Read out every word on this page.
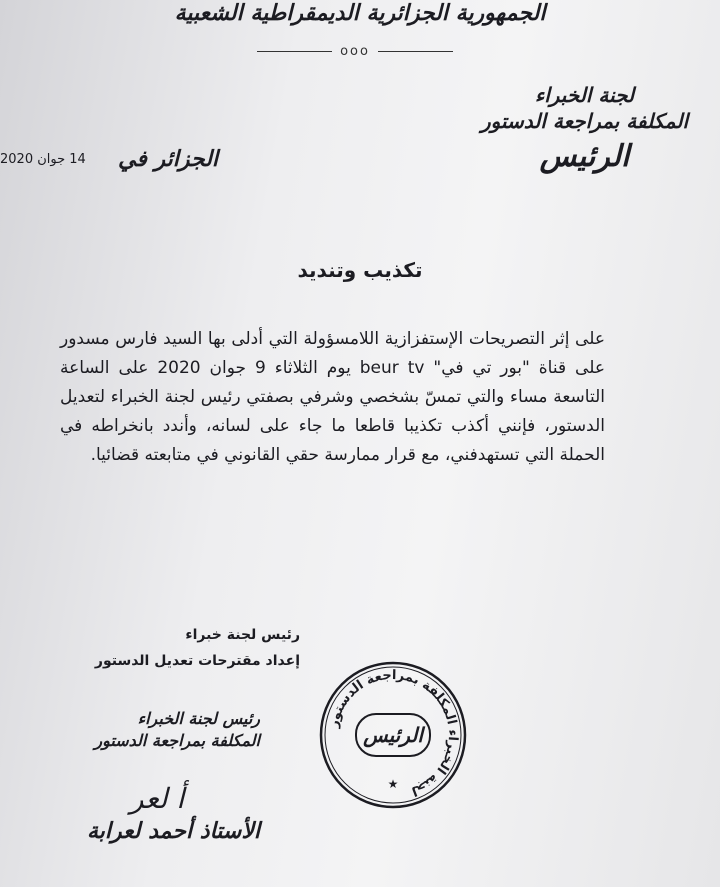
الجمهورية الجزائرية الديمقراطية الشعبية
ooo
لجنة الخبراء
المكلفة بمراجعة الدستور
الرئيس
14 جوان 2020 الجزائر في
تكذيب وتنديد
على إثر التصريحات الإستفزازية اللامسؤولة التي أدلى بها السيد فارس مسدور على قناة "بور تي في" beur tv يوم الثلاثاء 9 جوان 2020 على الساعة التاسعة مساء والتي تمسّ بشخصي وشرفي بصفتي رئيس لجنة الخبراء لتعديل الدستور، فإنني أكذب تكذيبا قاطعا ما جاء على لسانه، وأندد بانخراطه في الحملة التي تستهدفني، مع قرار ممارسة حقي القانوني في متابعته قضائيا.
رئيس لجنة خبراء
إعداد مقترحات تعديل الدستور
لجنة الخبراء المكلفة بمراجعة الدستور
الرئيس
★
رئيس لجنة الخبراء
المكلفة بمراجعة الدستور
أ لعر
الأستاذ أحمد لعرابة
